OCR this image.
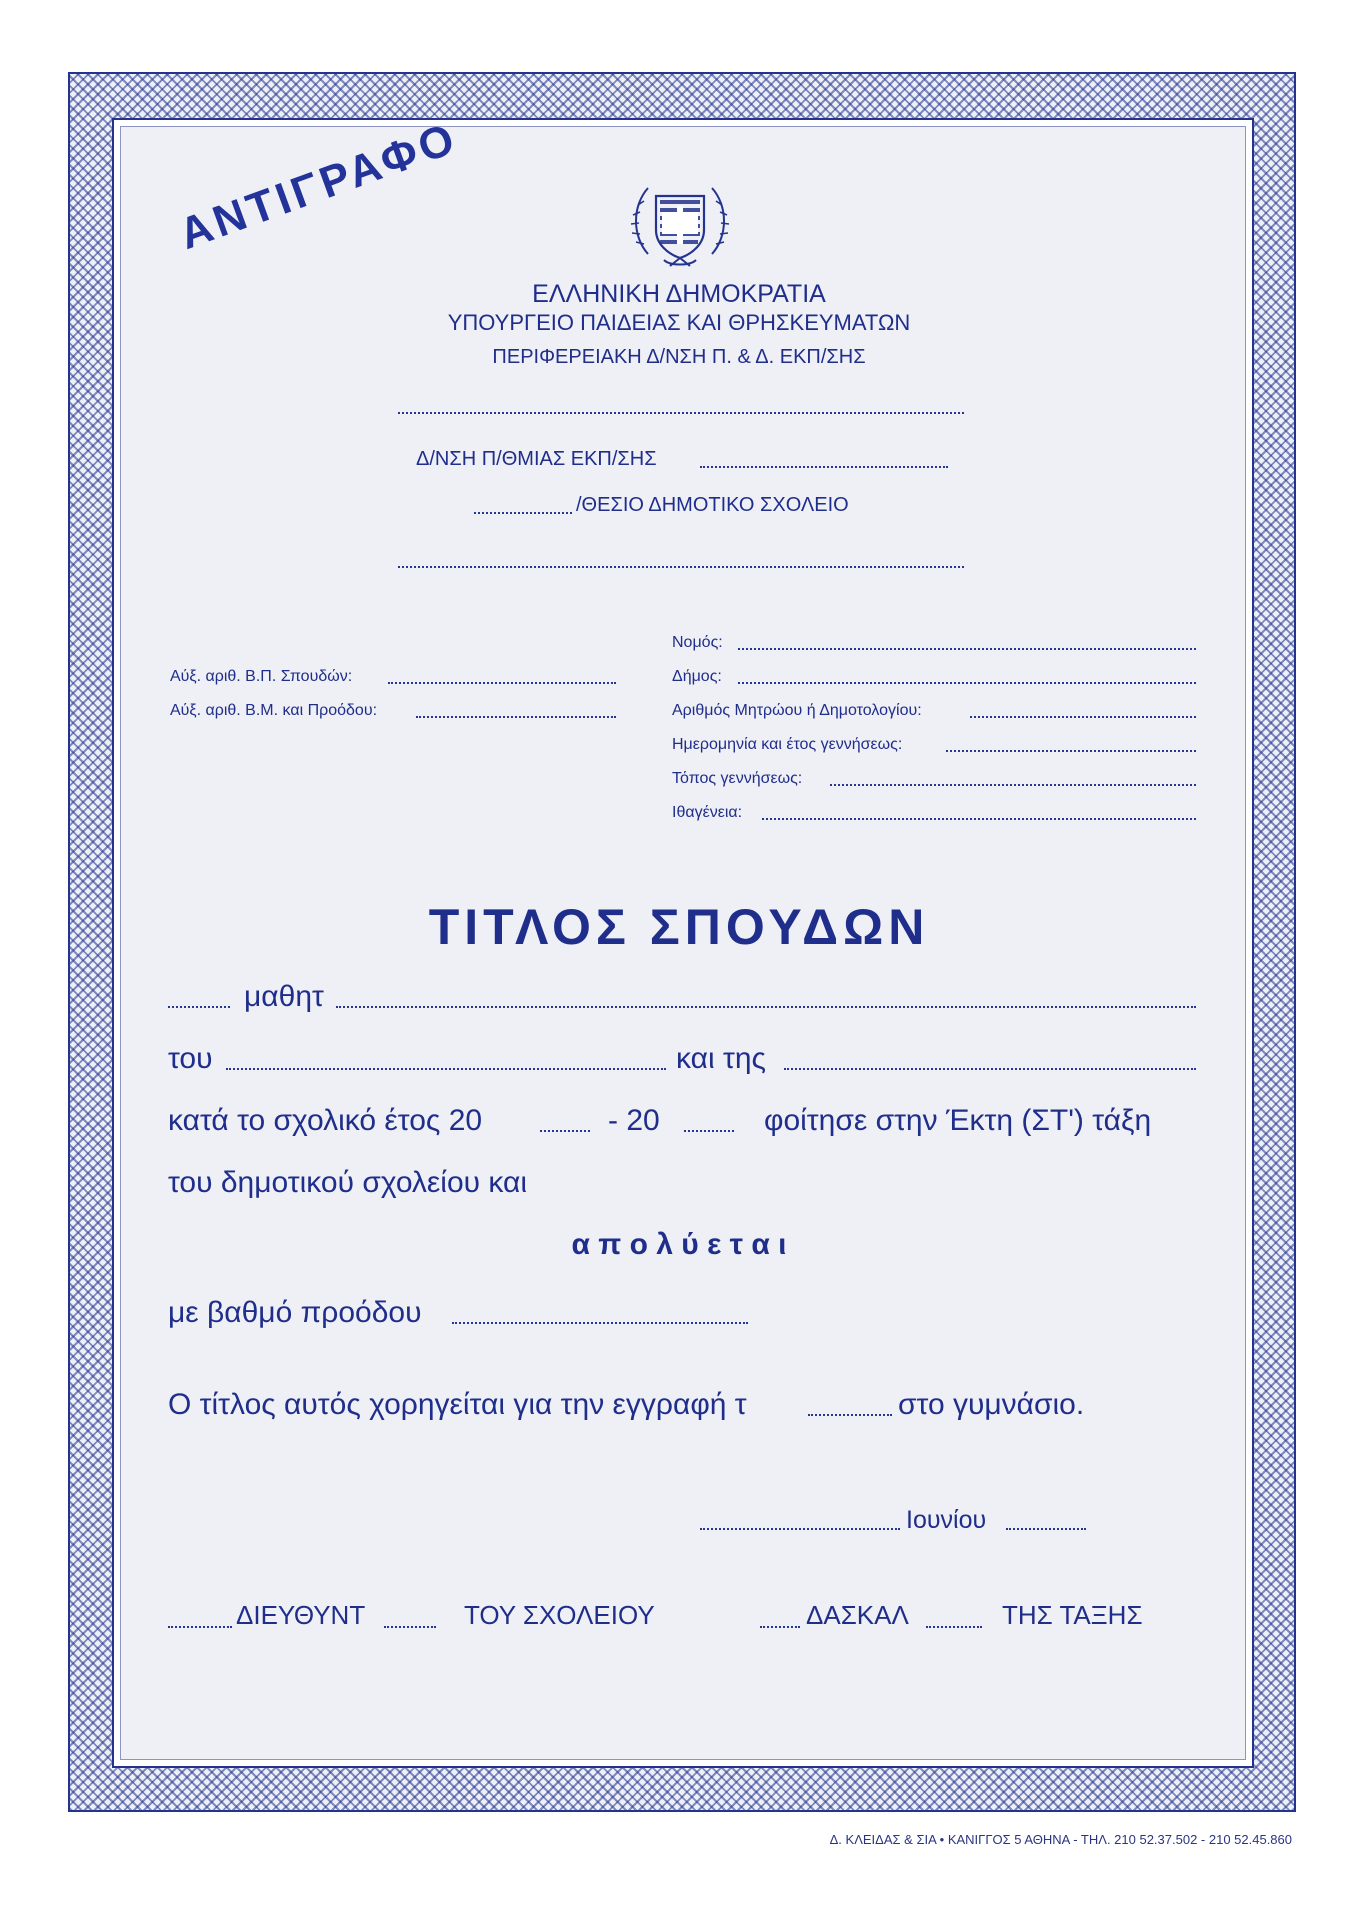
ΑΝΤΙΓΡΑΦΟ
ΕΛΛΗΝΙΚΗ ΔΗΜΟΚΡΑΤΙΑ
ΥΠΟΥΡΓΕΙΟ ΠΑΙΔΕΙΑΣ ΚΑΙ ΘΡΗΣΚΕΥΜΑΤΩΝ
ΠΕΡΙΦΕΡΕΙΑΚΗ Δ/ΝΣΗ Π. & Δ. ΕΚΠ/ΣΗΣ
Δ/ΝΣΗ Π/ΘΜΙΑΣ ΕΚΠ/ΣΗΣ
/ΘΕΣΙΟ ΔΗΜΟΤΙΚΟ ΣΧΟΛΕΙΟ
Αύξ. αριθ. Β.Π. Σπουδών:
Αύξ. αριθ. Β.Μ. και Προόδου:
Νομός:
Δήμος:
Αριθμός Μητρώου ή Δημοτολογίου:
Ημερομηνία και έτος γεννήσεως:
Τόπος γεννήσεως:
Ιθαγένεια:
ΤΙΤΛΟΣ ΣΠΟΥΔΩΝ
μαθητ
του	και της
κατά το σχολικό έτος 20	- 20	φοίτησε στην Έκτη (ΣΤ') τάξη
του δημοτικού σχολείου και
α π ο λ ύ ε τ α ι
με βαθμό προόδου
Ο τίτλος αυτός χορηγείται για την εγγραφή τ	στο γυμνάσιο.
Ιουνίου
ΔΙΕΥΘΥΝΤ	ΤΟΥ ΣΧΟΛΕΙΟΥ	ΔΑΣΚΑΛ	ΤΗΣ ΤΑΞΗΣ
Δ. ΚΛΕΙΔΑΣ & ΣΙΑ • ΚΑΝΙΓΓΟΣ 5 ΑΘΗΝΑ - ΤΗΛ. 210 52.37.502 - 210 52.45.860
